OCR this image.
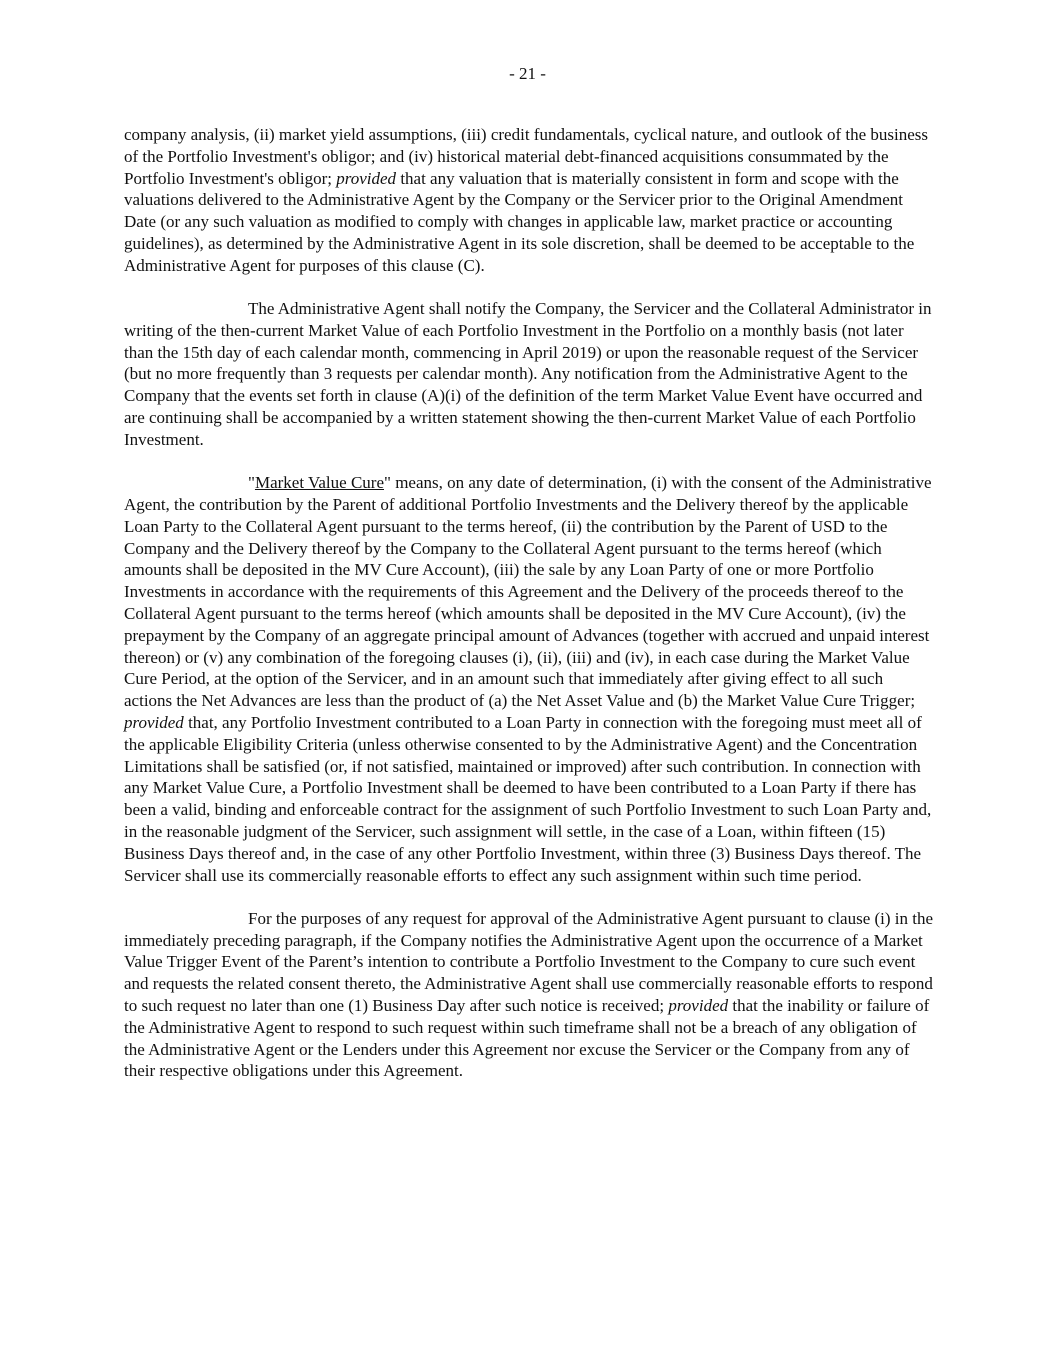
- 21 -

company analysis, (ii) market yield assumptions, (iii) credit fundamentals, cyclical nature, and outlook of the business of the Portfolio Investment's obligor; and (iv) historical material debt-financed acquisitions consummated by the Portfolio Investment's obligor; provided that any valuation that is materially consistent in form and scope with the valuations delivered to the Administrative Agent by the Company or the Servicer prior to the Original Amendment Date (or any such valuation as modified to comply with changes in applicable law, market practice or accounting guidelines), as determined by the Administrative Agent in its sole discretion, shall be deemed to be acceptable to the Administrative Agent for purposes of this clause (C).

The Administrative Agent shall notify the Company, the Servicer and the Collateral Administrator in writing of the then-current Market Value of each Portfolio Investment in the Portfolio on a monthly basis (not later than the 15th day of each calendar month, commencing in April 2019) or upon the reasonable request of the Servicer (but no more frequently than 3 requests per calendar month). Any notification from the Administrative Agent to the Company that the events set forth in clause (A)(i) of the definition of the term Market Value Event have occurred and are continuing shall be accompanied by a written statement showing the then-current Market Value of each Portfolio Investment.

"Market Value Cure" means, on any date of determination, (i) with the consent of the Administrative Agent, the contribution by the Parent of additional Portfolio Investments and the Delivery thereof by the applicable Loan Party to the Collateral Agent pursuant to the terms hereof, (ii) the contribution by the Parent of USD to the Company and the Delivery thereof by the Company to the Collateral Agent pursuant to the terms hereof (which amounts shall be deposited in the MV Cure Account), (iii) the sale by any Loan Party of one or more Portfolio Investments in accordance with the requirements of this Agreement and the Delivery of the proceeds thereof to the Collateral Agent pursuant to the terms hereof (which amounts shall be deposited in the MV Cure Account), (iv) the prepayment by the Company of an aggregate principal amount of Advances (together with accrued and unpaid interest thereon) or (v) any combination of the foregoing clauses (i), (ii), (iii) and (iv), in each case during the Market Value Cure Period, at the option of the Servicer, and in an amount such that immediately after giving effect to all such actions the Net Advances are less than the product of (a) the Net Asset Value and (b) the Market Value Cure Trigger; provided that, any Portfolio Investment contributed to a Loan Party in connection with the foregoing must meet all of the applicable Eligibility Criteria (unless otherwise consented to by the Administrative Agent) and the Concentration Limitations shall be satisfied (or, if not satisfied, maintained or improved) after such contribution. In connection with any Market Value Cure, a Portfolio Investment shall be deemed to have been contributed to a Loan Party if there has been a valid, binding and enforceable contract for the assignment of such Portfolio Investment to such Loan Party and, in the reasonable judgment of the Servicer, such assignment will settle, in the case of a Loan, within fifteen (15) Business Days thereof and, in the case of any other Portfolio Investment, within three (3) Business Days thereof. The Servicer shall use its commercially reasonable efforts to effect any such assignment within such time period.

For the purposes of any request for approval of the Administrative Agent pursuant to clause (i) in the immediately preceding paragraph, if the Company notifies the Administrative Agent upon the occurrence of a Market Value Trigger Event of the Parent’s intention to contribute a Portfolio Investment to the Company to cure such event and requests the related consent thereto, the Administrative Agent shall use commercially reasonable efforts to respond to such request no later than one (1) Business Day after such notice is received; provided that the inability or failure of the Administrative Agent to respond to such request within such timeframe shall not be a breach of any obligation of the Administrative Agent or the Lenders under this Agreement nor excuse the Servicer or the Company from any of their respective obligations under this Agreement.
